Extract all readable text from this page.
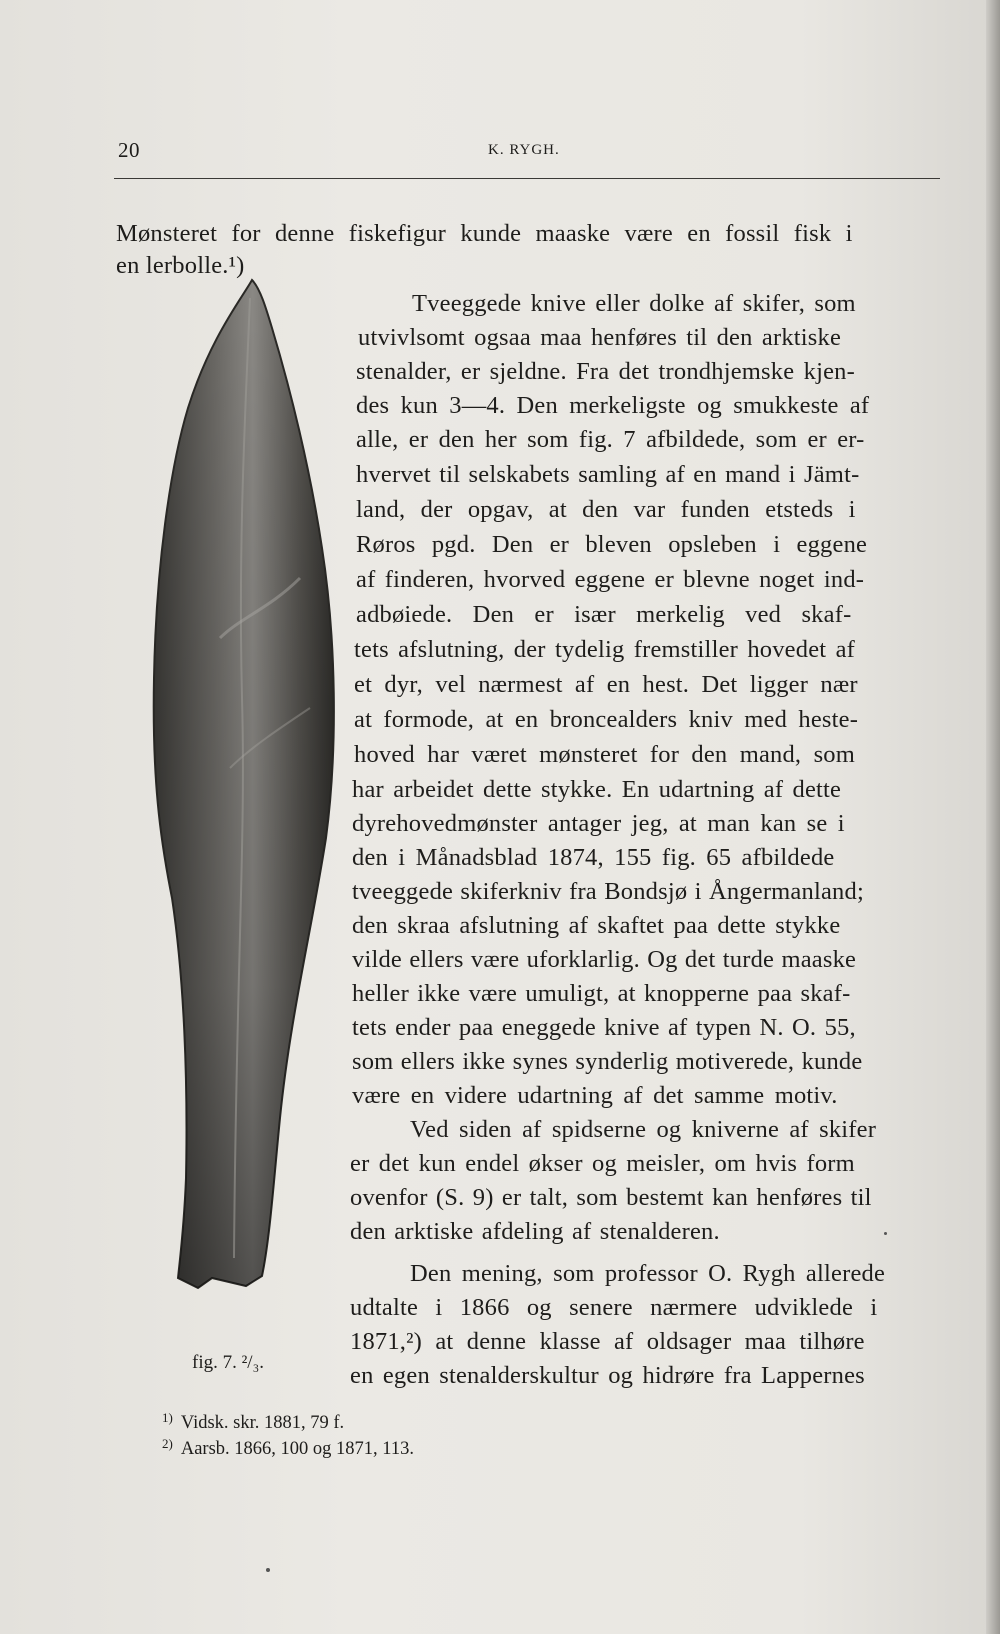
20	K. RYGH.
Mønsteret for denne fiskefigur kunde maaske være en fossil fisk i
en lerbolle.¹)
Tveeggede knive eller dolke af skifer, som
utvivlsomt ogsaa maa henføres til den arktiske
stenalder, er sjeldne. Fra det trondhjemske kjen-
des kun 3—4. Den merkeligste og smukkeste af
alle, er den her som fig. 7 afbildede, som er er-
hvervet til selskabets samling af en mand i Jämt-
land, der opgav, at den var funden etsteds i
Røros pgd. Den er bleven opsleben i eggene
af finderen, hvorved eggene er blevne noget ind-
adbøiede. Den er især merkelig ved skaf-
tets afslutning, der tydelig fremstiller hovedet af
et dyr, vel nærmest af en hest. Det ligger nær
at formode, at en broncealders kniv med heste-
hoved har været mønsteret for den mand, som
har arbeidet dette stykke. En udartning af dette
dyrehovedmønster antager jeg, at man kan se i
den i Månadsblad 1874, 155 fig. 65 afbildede
tveeggede skiferkniv fra Bondsjø i Ångermanland;
den skraa afslutning af skaftet paa dette stykke
vilde ellers være uforklarlig. Og det turde maaske
heller ikke være umuligt, at knopperne paa skaf-
tets ender paa eneggede knive af typen N. O. 55,
som ellers ikke synes synderlig motiverede, kunde
være en videre udartning af det samme motiv.
Ved siden af spidserne og kniverne af skifer
er det kun endel økser og meisler, om hvis form
ovenfor (S. 9) er talt, som bestemt kan henføres til
den arktiske afdeling af stenalderen.
Den mening, som professor O. Rygh allerede
udtalte i 1866 og senere nærmere udviklede i
1871,²) at denne klasse af oldsager maa tilhøre
en egen stenalderskultur og hidrøre fra Lappernes
fig. 7. ²/₃.
$^{1)}$ Vidsk. skr. 1881, 79 f.
$^{2)}$ Aarsb. 1866, 100 og 1871, 113.
